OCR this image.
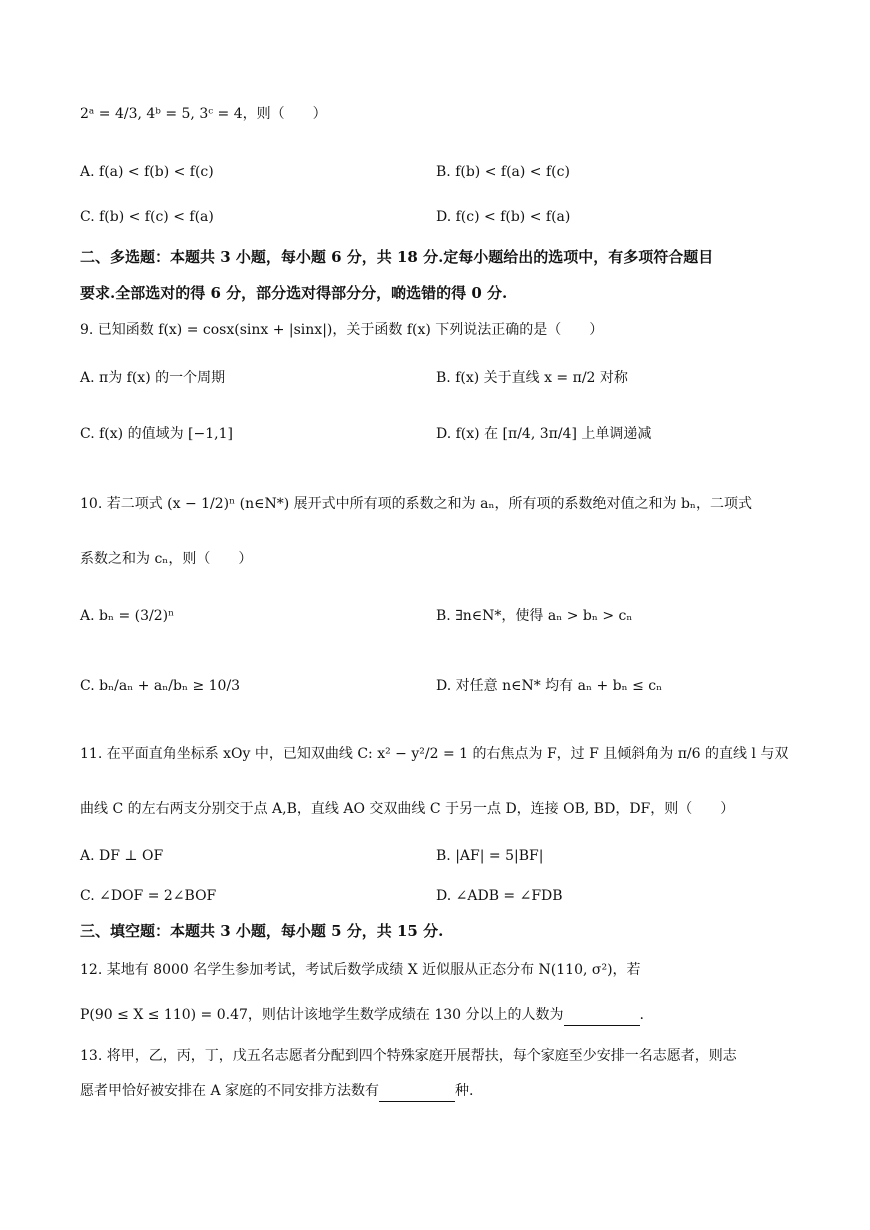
2ᵃ = 4/3, 4ᵇ = 5, 3ᶜ = 4，则（　　）
A. f(a) < f(b) < f(c)	B. f(b) < f(a) < f(c)
C. f(b) < f(c) < f(a)	D. f(c) < f(b) < f(a)
二、多选题：本题共 3 小题，每小题 6 分，共 18 分.定每小题给出的选项中，有多项符合题目
要求.全部选对的得 6 分，部分选对得部分分，啲选错的得 0 分.
9. 已知函数 f(x) = cosx(sinx + |sinx|)，关于函数 f(x) 下列说法正确的是（　　）
A. π为 f(x) 的一个周期	B. f(x) 关于直线 x = π/2 对称
C. f(x) 的值域为 [−1,1]	D. f(x) 在 [π/4, 3π/4] 上单调递减
10. 若二项式 (x − 1/2)ⁿ (n∈N*) 展开式中所有项的系数之和为 aₙ，所有项的系数绝对值之和为 bₙ，二项式
系数之和为 cₙ，则（　　）
A. bₙ = (3/2)ⁿ	B. ∃n∈N*，使得 aₙ > bₙ > cₙ
C. bₙ/aₙ + aₙ/bₙ ≥ 10/3	D. 对任意 n∈N* 均有 aₙ + bₙ ≤ cₙ
11. 在平面直角坐标系 xOy 中，已知双曲线 C: x² − y²/2 = 1 的右焦点为 F，过 F 且倾斜角为 π/6 的直线 l 与双
曲线 C 的左右两支分别交于点 A,B，直线 AO 交双曲线 C 于另一点 D，连接 OB, BD，DF，则（　　）
A. DF ⊥ OF	B. |AF| = 5|BF|
C. ∠DOF = 2∠BOF	D. ∠ADB = ∠FDB
三、填空题：本题共 3 小题，每小题 5 分，共 15 分.
12. 某地有 8000 名学生参加考试，考试后数学成绩 X 近似服从正态分布 N(110, σ²)，若
P(90 ≤ X ≤ 110) = 0.47，则估计该地学生数学成绩在 130 分以上的人数为	.
13. 将甲，乙，丙，丁，戊五名志愿者分配到四个特殊家庭开展帮扶，每个家庭至少安排一名志愿者，则志
愿者甲恰好被安排在 A 家庭的不同安排方法数有	种.
